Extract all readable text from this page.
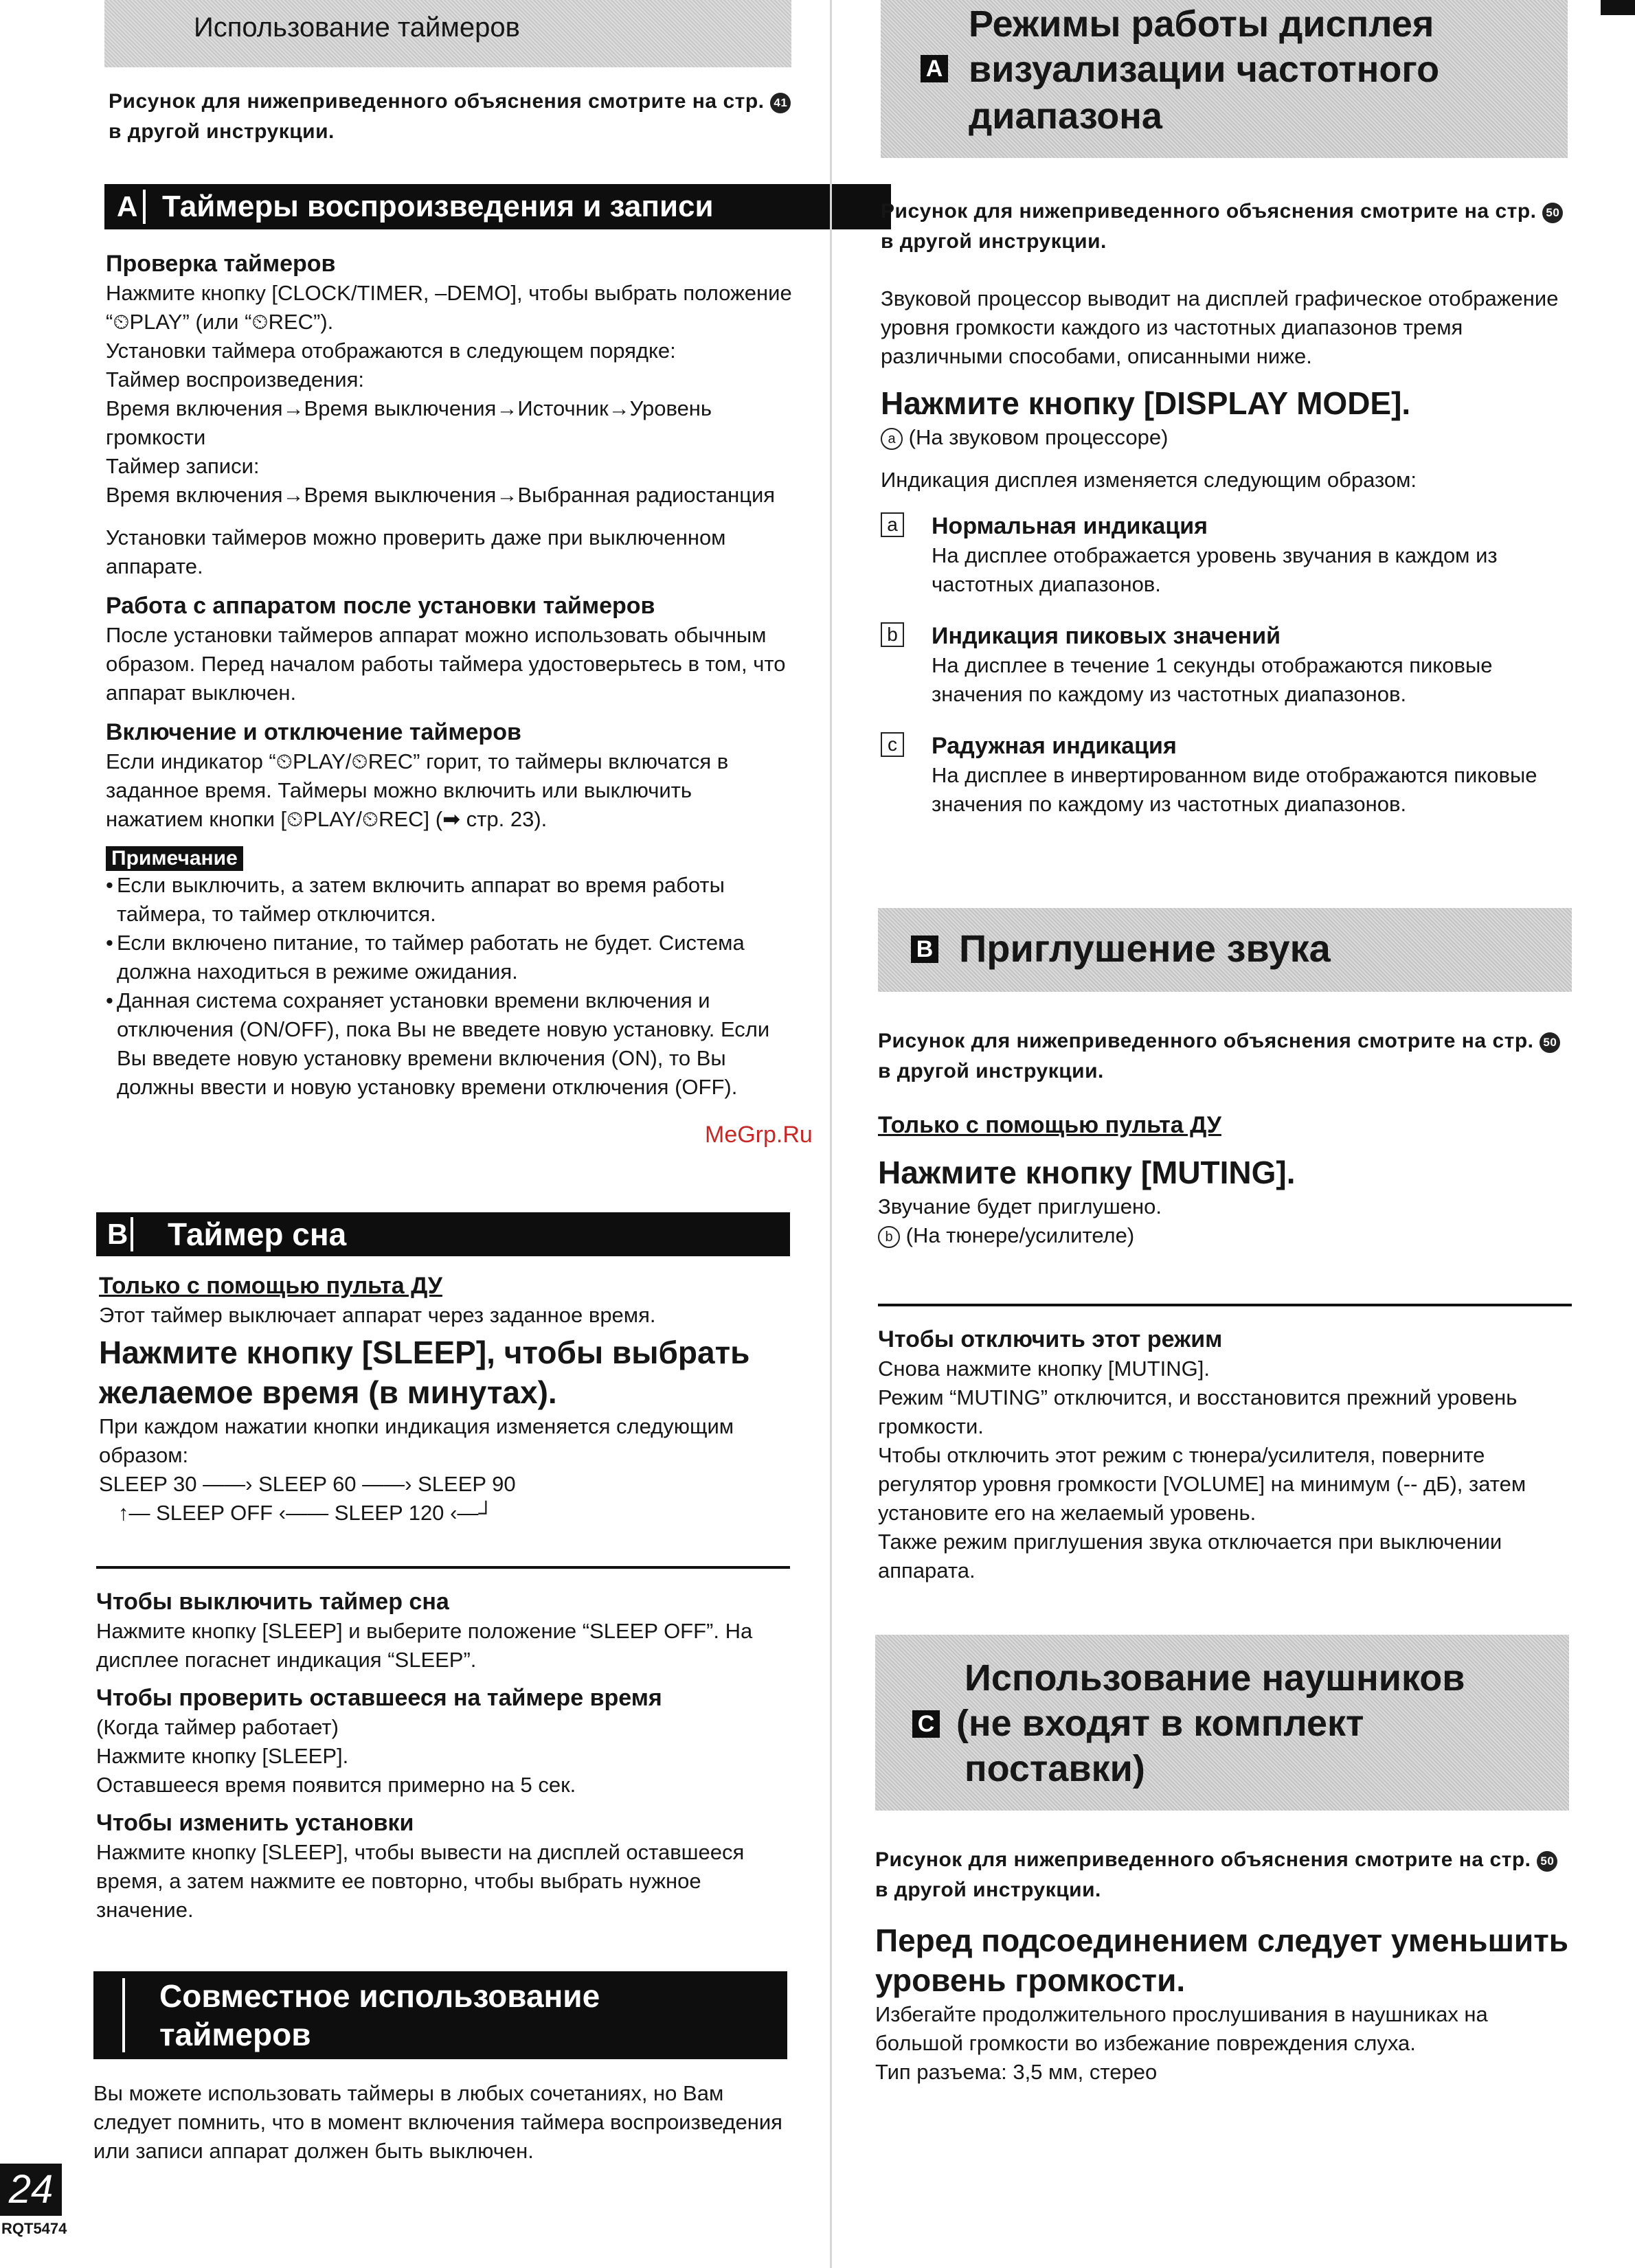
Использование таймеров

Рисунок для нижеприведенного объяснения смотрите на стр. 41 в другой инструкции.

A Таймеры воспроизведения и записи

Проверка таймеров

Нажмите кнопку [CLOCK/TIMER, –DEMO], чтобы выбрать положение “⏲PLAY” (или “⏲REC”).

Установки таймера отображаются в следующем порядке:

Таймер воспроизведения:

Время включения→Время выключения→Источник→Уровень громкости

Таймер записи:

Время включения→Время выключения→Выбранная радиостанция

Установки таймеров можно проверить даже при выключенном аппарате.

Работа с аппаратом после установки таймеров

После установки таймеров аппарат можно использовать обычным образом. Перед началом работы таймера удостоверьтесь в том, что аппарат выключен.

Включение и отключение таймеров

Если индикатор “⏲PLAY/⏲REC” горит, то таймеры включатся в заданное время. Таймеры можно включить или выключить нажатием кнопки [⏲PLAY/⏲REC] (➡ стр. 23).

Примечание
• Если выключить, а затем включить аппарат во время работы таймера, то таймер отключится.
• Если включено питание, то таймер работать не будет. Система должна находиться в режиме ожидания.
• Данная система сохраняет установки времени включения и отключения (ON/OFF), пока Вы не введете новую установку. Если Вы введете новую установку времени включения (ON), то Вы должны ввести и новую установку времени отключения (OFF).
B Таймер сна

Только с помощью пульта ДУ

Этот таймер выключает аппарат через заданное время.

Нажмите кнопку [SLEEP], чтобы выбрать желаемое время (в минутах).

При каждом нажатии кнопки индикация изменяется следующим образом:

SLEEP 30 ——› SLEEP 60 ——› SLEEP 90
↑— SLEEP OFF ‹—— SLEEP 120 ‹—┘

Чтобы выключить таймер сна

Нажмите кнопку [SLEEP] и выберите положение “SLEEP OFF”. На дисплее погаснет индикация “SLEEP”.

Чтобы проверить оставшееся на таймере время

(Когда таймер работает)

Нажмите кнопку [SLEEP].

Оставшееся время появится примерно на 5 сек.

Чтобы изменить установки

Нажмите кнопку [SLEEP], чтобы вывести на дисплей оставшееся время, а затем нажмите ее повторно, чтобы выбрать нужное значение.

Совместное использование
таймеров

Вы можете использовать таймеры в любых сочетаниях, но Вам следует помнить, что в момент включения таймера воспроизведения или записи аппарат должен быть выключен.

24
RQT5474
Режимы работы дисплея
A визуализации частотного
диапазона

Рисунок для нижеприведенного объяснения смотрите на стр. 50 в другой инструкции.

Звуковой процессор выводит на дисплей графическое отображение уровня громкости каждого из частотных диапазонов тремя различными способами, описанными ниже.

Нажмите кнопку [DISPLAY MODE].

a (На звуковом процессоре)

Индикация дисплея изменяется следующим образом:

a Нормальная индикация

На дисплее отображается уровень звучания в каждом из частотных диапазонов.

b Индикация пиковых значений

На дисплее в течение 1 секунды отображаются пиковые значения по каждому из частотных диапазонов.

c Радужная индикация

На дисплее в инвертированном виде отображаются пиковые значения по каждому из частотных диапазонов.

B Приглушение звука

Рисунок для нижеприведенного объяснения смотрите на стр. 50 в другой инструкции.

Только с помощью пульта ДУ

Нажмите кнопку [MUTING].

Звучание будет приглушено.

b (На тюнере/усилителе)

MeGrp.Ru

Чтобы отключить этот режим

Снова нажмите кнопку [MUTING].

Режим “MUTING” отключится, и восстановится прежний уровень громкости.

Чтобы отключить этот режим с тюнера/усилителя, поверните регулятор уровня громкости [VOLUME] на минимум (-- дБ), затем установите его на желаемый уровень.

Также режим приглушения звука отключается при выключении аппарата.

Использование наушников
C (не входят в комплект
поставки)

Рисунок для нижеприведенного объяснения смотрите на стр. 50 в другой инструкции.

Перед подсоединением следует уменьшить уровень громкости.

Избегайте продолжительного прослушивания в наушниках на большой громкости во избежание повреждения слуха.

Тип разъема: 3,5 мм, стерео
